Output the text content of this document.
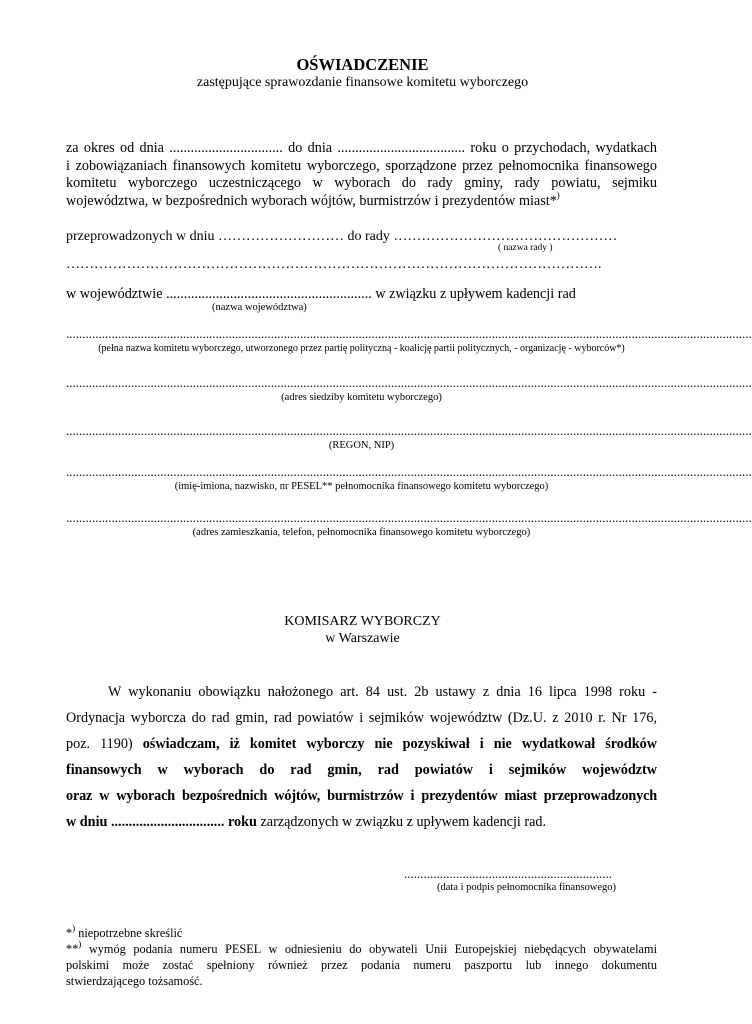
OŚWIADCZENIE
zastępujące sprawozdanie finansowe komitetu wyborczego
za okres od dnia ................................ do dnia .................................... roku o przychodach, wydatkach
i zobowiązaniach finansowych komitetu wyborczego, sporządzone przez pełnomocnika finansowego
komitetu wyborczego uczestniczącego w wyborach do rady gminy, rady powiatu, sejmiku
województwa, w bezpośrednich wyborach wójtów, burmistrzów i prezydentów miast*)
przeprowadzonych w dniu ……………………… do rady …………………………………………
( nazwa rady )
…………………………………………………………………………………………………….
w województwie .......................................................... w związku z upływem kadencji rad
(nazwa województwa)
...................................................................................................................................................................................................................
(pełna nazwa komitetu wyborczego, utworzonego przez partię polityczną - koalicję partii politycznych, - organizację - wyborców*)
...................................................................................................................................................................................................................
(adres siedziby komitetu wyborczego)
...................................................................................................................................................................................................................
(REGON, NIP)
...................................................................................................................................................................................................................
(imię-imiona, nazwisko, nr PESEL** pełnomocnika finansowego komitetu wyborczego)
...................................................................................................................................................................................................................
(adres zamieszkania, telefon, pełnomocnika finansowego komitetu wyborczego)
KOMISARZ WYBORCZY
w Warszawie
W wykonaniu obowiązku nałożonego art. 84 ust. 2b ustawy z dnia 16 lipca 1998 roku -
Ordynacja wyborcza do rad gmin, rad powiatów i sejmików województw (Dz.U. z 2010 r. Nr 176,
poz. 1190) oświadczam, iż komitet wyborczy nie pozyskiwał i nie wydatkował środków
finansowych w wyborach do rad gmin, rad powiatów i sejmików województw
oraz w wyborach bezpośrednich wójtów, burmistrzów i prezydentów miast przeprowadzonych
w dniu ................................ roku zarządzonych w związku z upływem kadencji rad.
................................................................
(data i podpis pełnomocnika finansowego)
*) niepotrzebne skreślić
**) wymóg podania numeru PESEL w odniesieniu do obywateli Unii Europejskiej niebędących obywatelami
polskimi może zostać spełniony również przez podania numeru paszportu lub innego dokumentu
stwierdzającego tożsamość.
